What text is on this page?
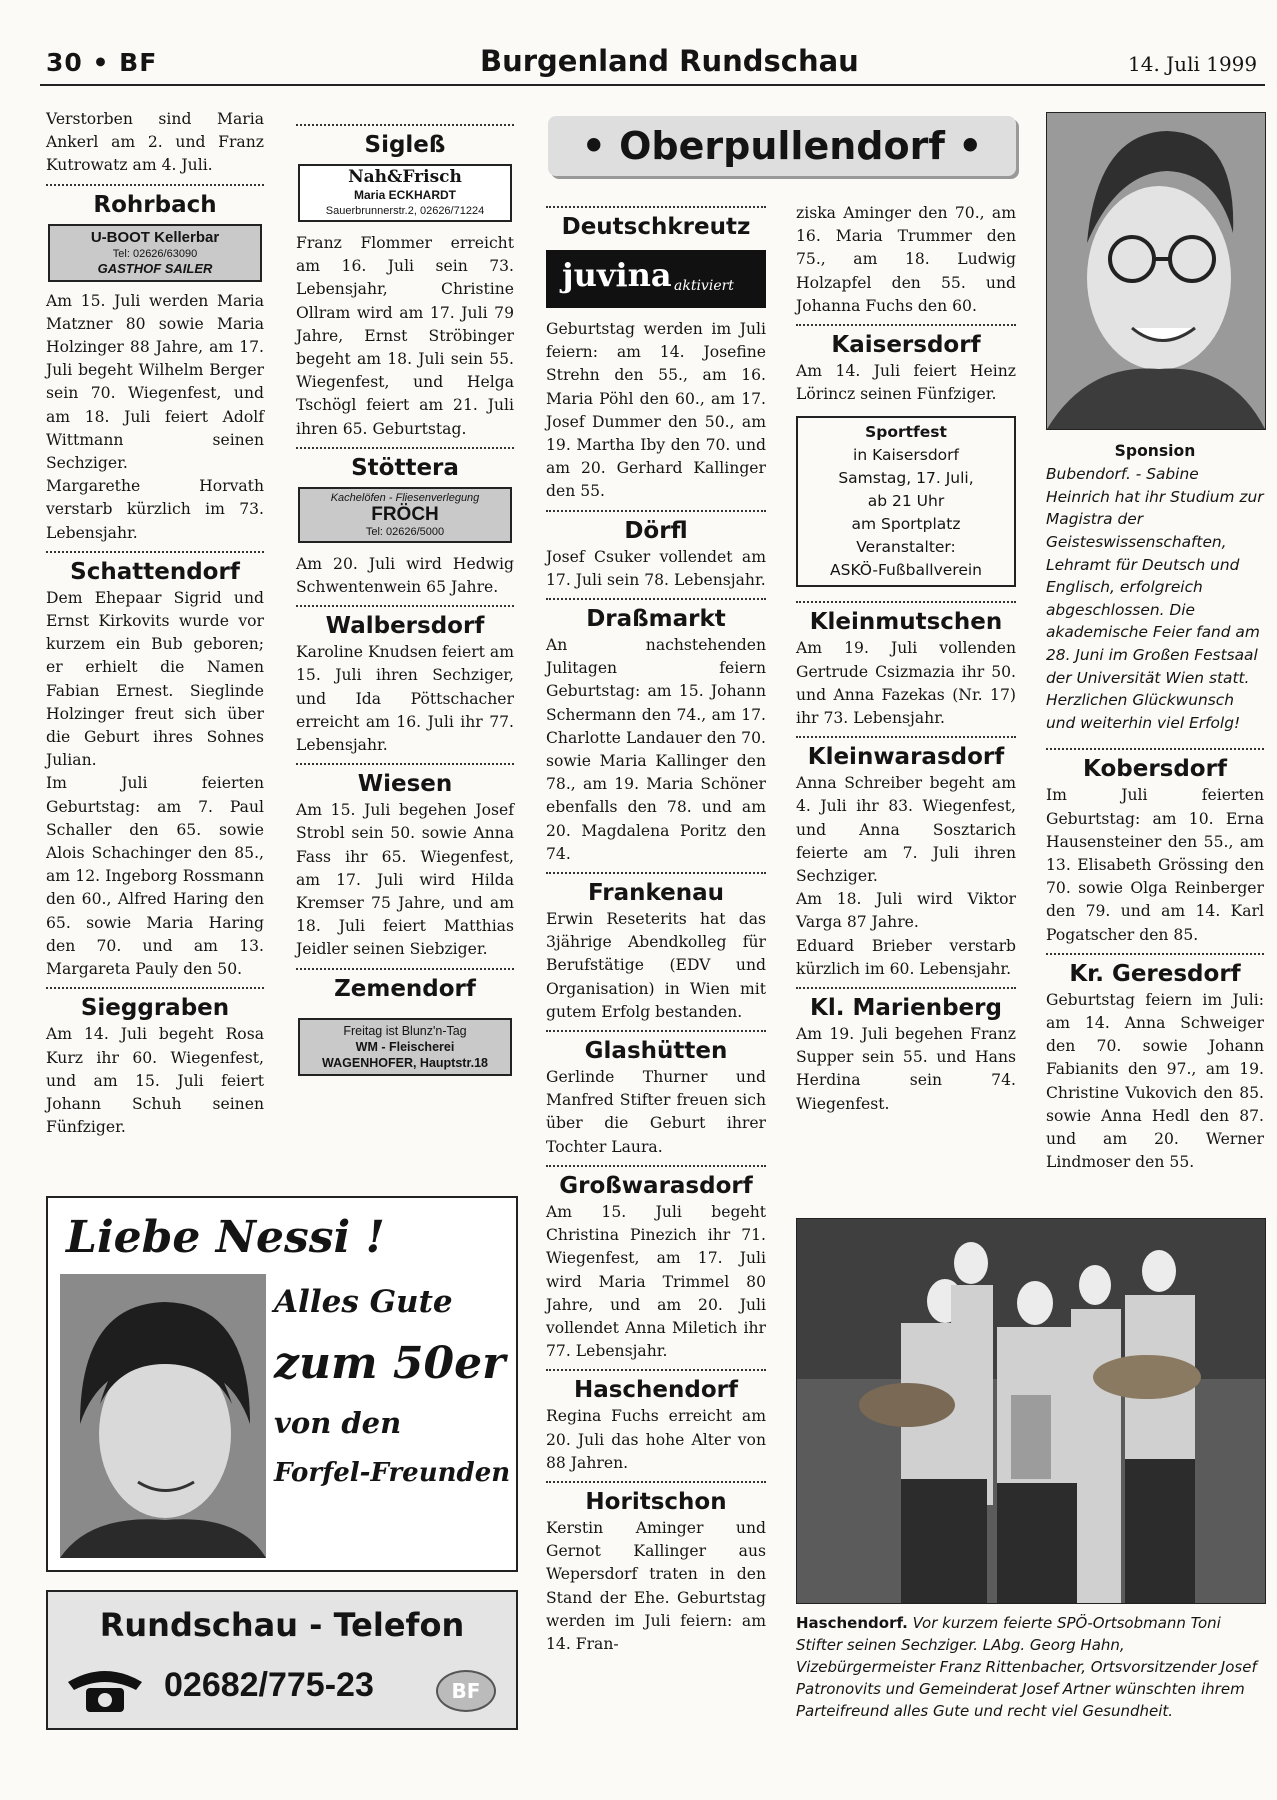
30 • BF	Burgenland Rundschau	14. Juli 1999

Verstorben sind Maria Ankerl am 2. und Franz Kutrowatz am 4. Juli.

Rohrbach

U-BOOT Kellerbar
Tel: 02626/63090
GASTHOF SAILER

Am 15. Juli werden Maria Matzner 80 sowie Maria Holzinger 88 Jahre, am 17. Juli begeht Wilhelm Berger sein 70. Wiegenfest, und am 18. Juli feiert Adolf Wittmann seinen Sechziger.

Margarethe Horvath verstarb kürzlich im 73. Lebensjahr.

Schattendorf

Dem Ehepaar Sigrid und Ernst Kirkovits wurde vor kurzem ein Bub geboren; er erhielt die Namen Fabian Ernest. Sieglinde Holzinger freut sich über die Geburt ihres Sohnes Julian.

Im Juli feierten Geburtstag: am 7. Paul Schaller den 65. sowie Alois Schachinger den 85., am 12. Ingeborg Rossmann den 60., Alfred Haring den 65. sowie Maria Haring den 70. und am 13. Margareta Pauly den 50.

Sieggraben

Am 14. Juli begeht Rosa Kurz ihr 60. Wiegenfest, und am 15. Juli feiert Johann Schuh seinen Fünfziger.

Sigleß

Nah&Frisch
Maria ECKHARDT
Sauerbrunnerstr.2, 02626/71224

Franz Flommer erreicht am 16. Juli sein 73. Lebensjahr, Christine Ollram wird am 17. Juli 79 Jahre, Ernst Ströbinger begeht am 18. Juli sein 55. Wiegenfest, und Helga Tschögl feiert am 21. Juli ihren 65. Geburtstag.

Stöttera

Kachelöfen - Fliesenverlegung
FRÖCH
Tel: 02626/5000

Am 20. Juli wird Hedwig Schwentenwein 65 Jahre.

Walbersdorf

Karoline Knudsen feiert am 15. Juli ihren Sechziger, und Ida Pöttschacher erreicht am 16. Juli ihr 77. Lebensjahr.

Wiesen

Am 15. Juli begehen Josef Strobl sein 50. sowie Anna Fass ihr 65. Wiegenfest, am 17. Juli wird Hilda Kremser 75 Jahre, und am 18. Juli feiert Matthias Jeidler seinen Siebziger.

Zemendorf

Freitag ist Blunz'n-Tag
WM - Fleischerei
WAGENHOFER, Hauptstr.18
• Oberpullendorf •

Deutschkreutz

juvina aktiviert

Geburtstag werden im Juli feiern: am 14. Josefine Strehn den 55., am 16. Maria Pöhl den 60., am 17. Josef Dummer den 50., am 19. Martha Iby den 70. und am 20. Gerhard Kallinger den 55.

Dörfl

Josef Csuker vollendet am 17. Juli sein 78. Lebensjahr.

Draßmarkt

An nachstehenden Julitagen feiern Geburtstag: am 15. Johann Schermann den 74., am 17. Charlotte Landauer den 70. sowie Maria Kallinger den 78., am 19. Maria Schöner ebenfalls den 78. und am 20. Magdalena Poritz den 74.

Frankenau

Erwin Reseterits hat das 3jährige Abendkolleg für Berufstätige (EDV und Organisation) in Wien mit gutem Erfolg bestanden.

Glashütten

Gerlinde Thurner und Manfred Stifter freuen sich über die Geburt ihrer Tochter Laura.

Großwarasdorf

Am 15. Juli begeht Christina Pinezich ihr 71. Wiegenfest, am 17. Juli wird Maria Trimmel 80 Jahre, und am 20. Juli vollendet Anna Miletich ihr 77. Lebensjahr.

Haschendorf

Regina Fuchs erreicht am 20. Juli das hohe Alter von 88 Jahren.

Horitschon

Kerstin Aminger und Gernot Kallinger aus Wepersdorf traten in den Stand der Ehe. Geburtstag werden im Juli feiern: am 14. Fran-

ziska Aminger den 70., am 16. Maria Trummer den 75., am 18. Ludwig Holzapfel den 55. und Johanna Fuchs den 60.

Kaisersdorf

Am 14. Juli feiert Heinz Lörincz seinen Fünfziger.

Sportfest
in Kaisersdorf
Samstag, 17. Juli,
ab 21 Uhr
am Sportplatz
Veranstalter:
ASKÖ-Fußballverein

Kleinmutschen

Am 19. Juli vollenden Gertrude Csizmazia ihr 50. und Anna Fazekas (Nr. 17) ihr 73. Lebensjahr.

Kleinwarasdorf

Anna Schreiber begeht am 4. Juli ihr 83. Wiegenfest, und Anna Sosztarich feierte am 7. Juli ihren Sechziger.

Am 18. Juli wird Viktor Varga 87 Jahre.

Eduard Brieber verstarb kürzlich im 60. Lebensjahr.

Kl. Marienberg

Am 19. Juli begehen Franz Supper sein 55. und Hans Herdina sein 74. Wiegenfest.

Sponsion

Bubendorf. - Sabine Heinrich hat ihr Studium zur Magistra der Geisteswissenschaften, Lehramt für Deutsch und Englisch, erfolgreich abgeschlossen. Die akademische Feier fand am 28. Juni im Großen Festsaal der Universität Wien statt. Herzlichen Glückwunsch und weiterhin viel Erfolg!

Kobersdorf

Im Juli feierten Geburtstag: am 10. Erna Hausensteiner den 55., am 13. Elisabeth Grössing den 70. sowie Olga Reinberger den 79. und am 14. Karl Pogatscher den 85.

Kr. Geresdorf

Geburtstag feiern im Juli: am 14. Anna Schweiger den 70. sowie Johann Fabianits den 97., am 19. Christine Vukovich den 85. sowie Anna Hedl den 87. und am 20. Werner Lindmoser den 55.

Liebe Nessi !
Alles Gute
zum 50er
von den
Forfel-Freunden
Rundschau - Telefon
02682/775-23	BF
Haschendorf. Vor kurzem feierte SPÖ-Ortsobmann Toni Stifter seinen Sechziger. LAbg. Georg Hahn, Vizebürgermeister Franz Rittenbacher, Ortsvorsitzender Josef Patronovits und Gemeinderat Josef Artner wünschten ihrem Parteifreund alles Gute und recht viel Gesundheit.
